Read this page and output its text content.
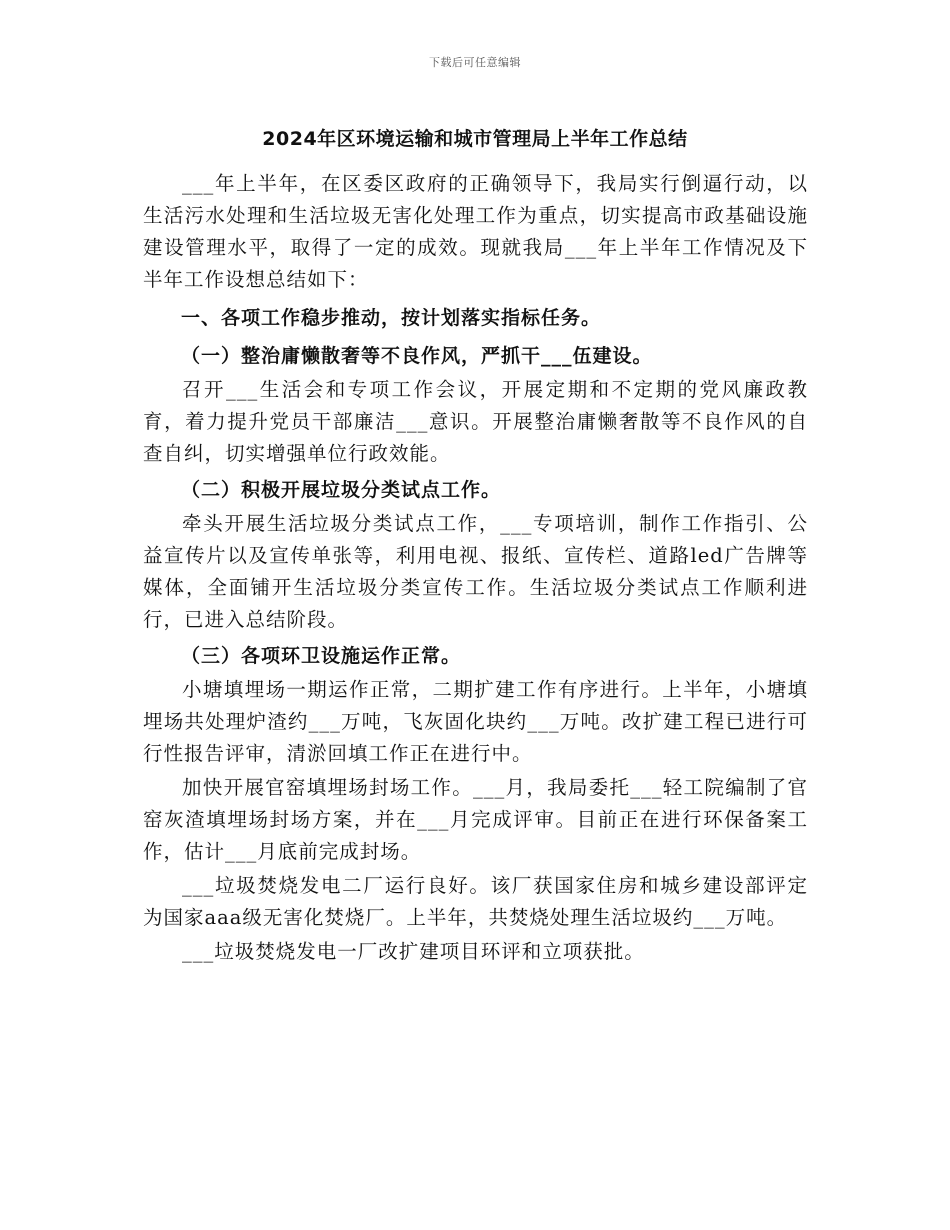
下载后可任意编辑
2024年区环境运输和城市管理局上半年工作总结

___年上半年，在区委区政府的正确领导下，我局实行倒逼行动，以生活污水处理和生活垃圾无害化处理工作为重点，切实提高市政基础设施建设管理水平，取得了一定的成效。现就我局___年上半年工作情况及下半年工作设想总结如下：

一、各项工作稳步推动，按计划落实指标任务。
（一）整治庸懒散奢等不良作风，严抓干___伍建设。

召开___生活会和专项工作会议，开展定期和不定期的党风廉政教育，着力提升党员干部廉洁___意识。开展整治庸懒奢散等不良作风的自查自纠，切实增强单位行政效能。

（二）积极开展垃圾分类试点工作。

牵头开展生活垃圾分类试点工作，___专项培训，制作工作指引、公益宣传片以及宣传单张等，利用电视、报纸、宣传栏、道路led广告牌等媒体，全面铺开生活垃圾分类宣传工作。生活垃圾分类试点工作顺利进行，已进入总结阶段。

（三）各项环卫设施运作正常。

小塘填埋场一期运作正常，二期扩建工作有序进行。上半年，小塘填埋场共处理炉渣约___万吨，飞灰固化块约___万吨。改扩建工程已进行可行性报告评审，清淤回填工作正在进行中。

加快开展官窑填埋场封场工作。___月，我局委托___轻工院编制了官窑灰渣填埋场封场方案，并在___月完成评审。目前正在进行环保备案工作，估计___月底前完成封场。

___垃圾焚烧发电二厂运行良好。该厂获国家住房和城乡建设部评定为国家aaa级无害化焚烧厂。上半年，共焚烧处理生活垃圾约___万吨。

___垃圾焚烧发电一厂改扩建项目环评和立项获批。
